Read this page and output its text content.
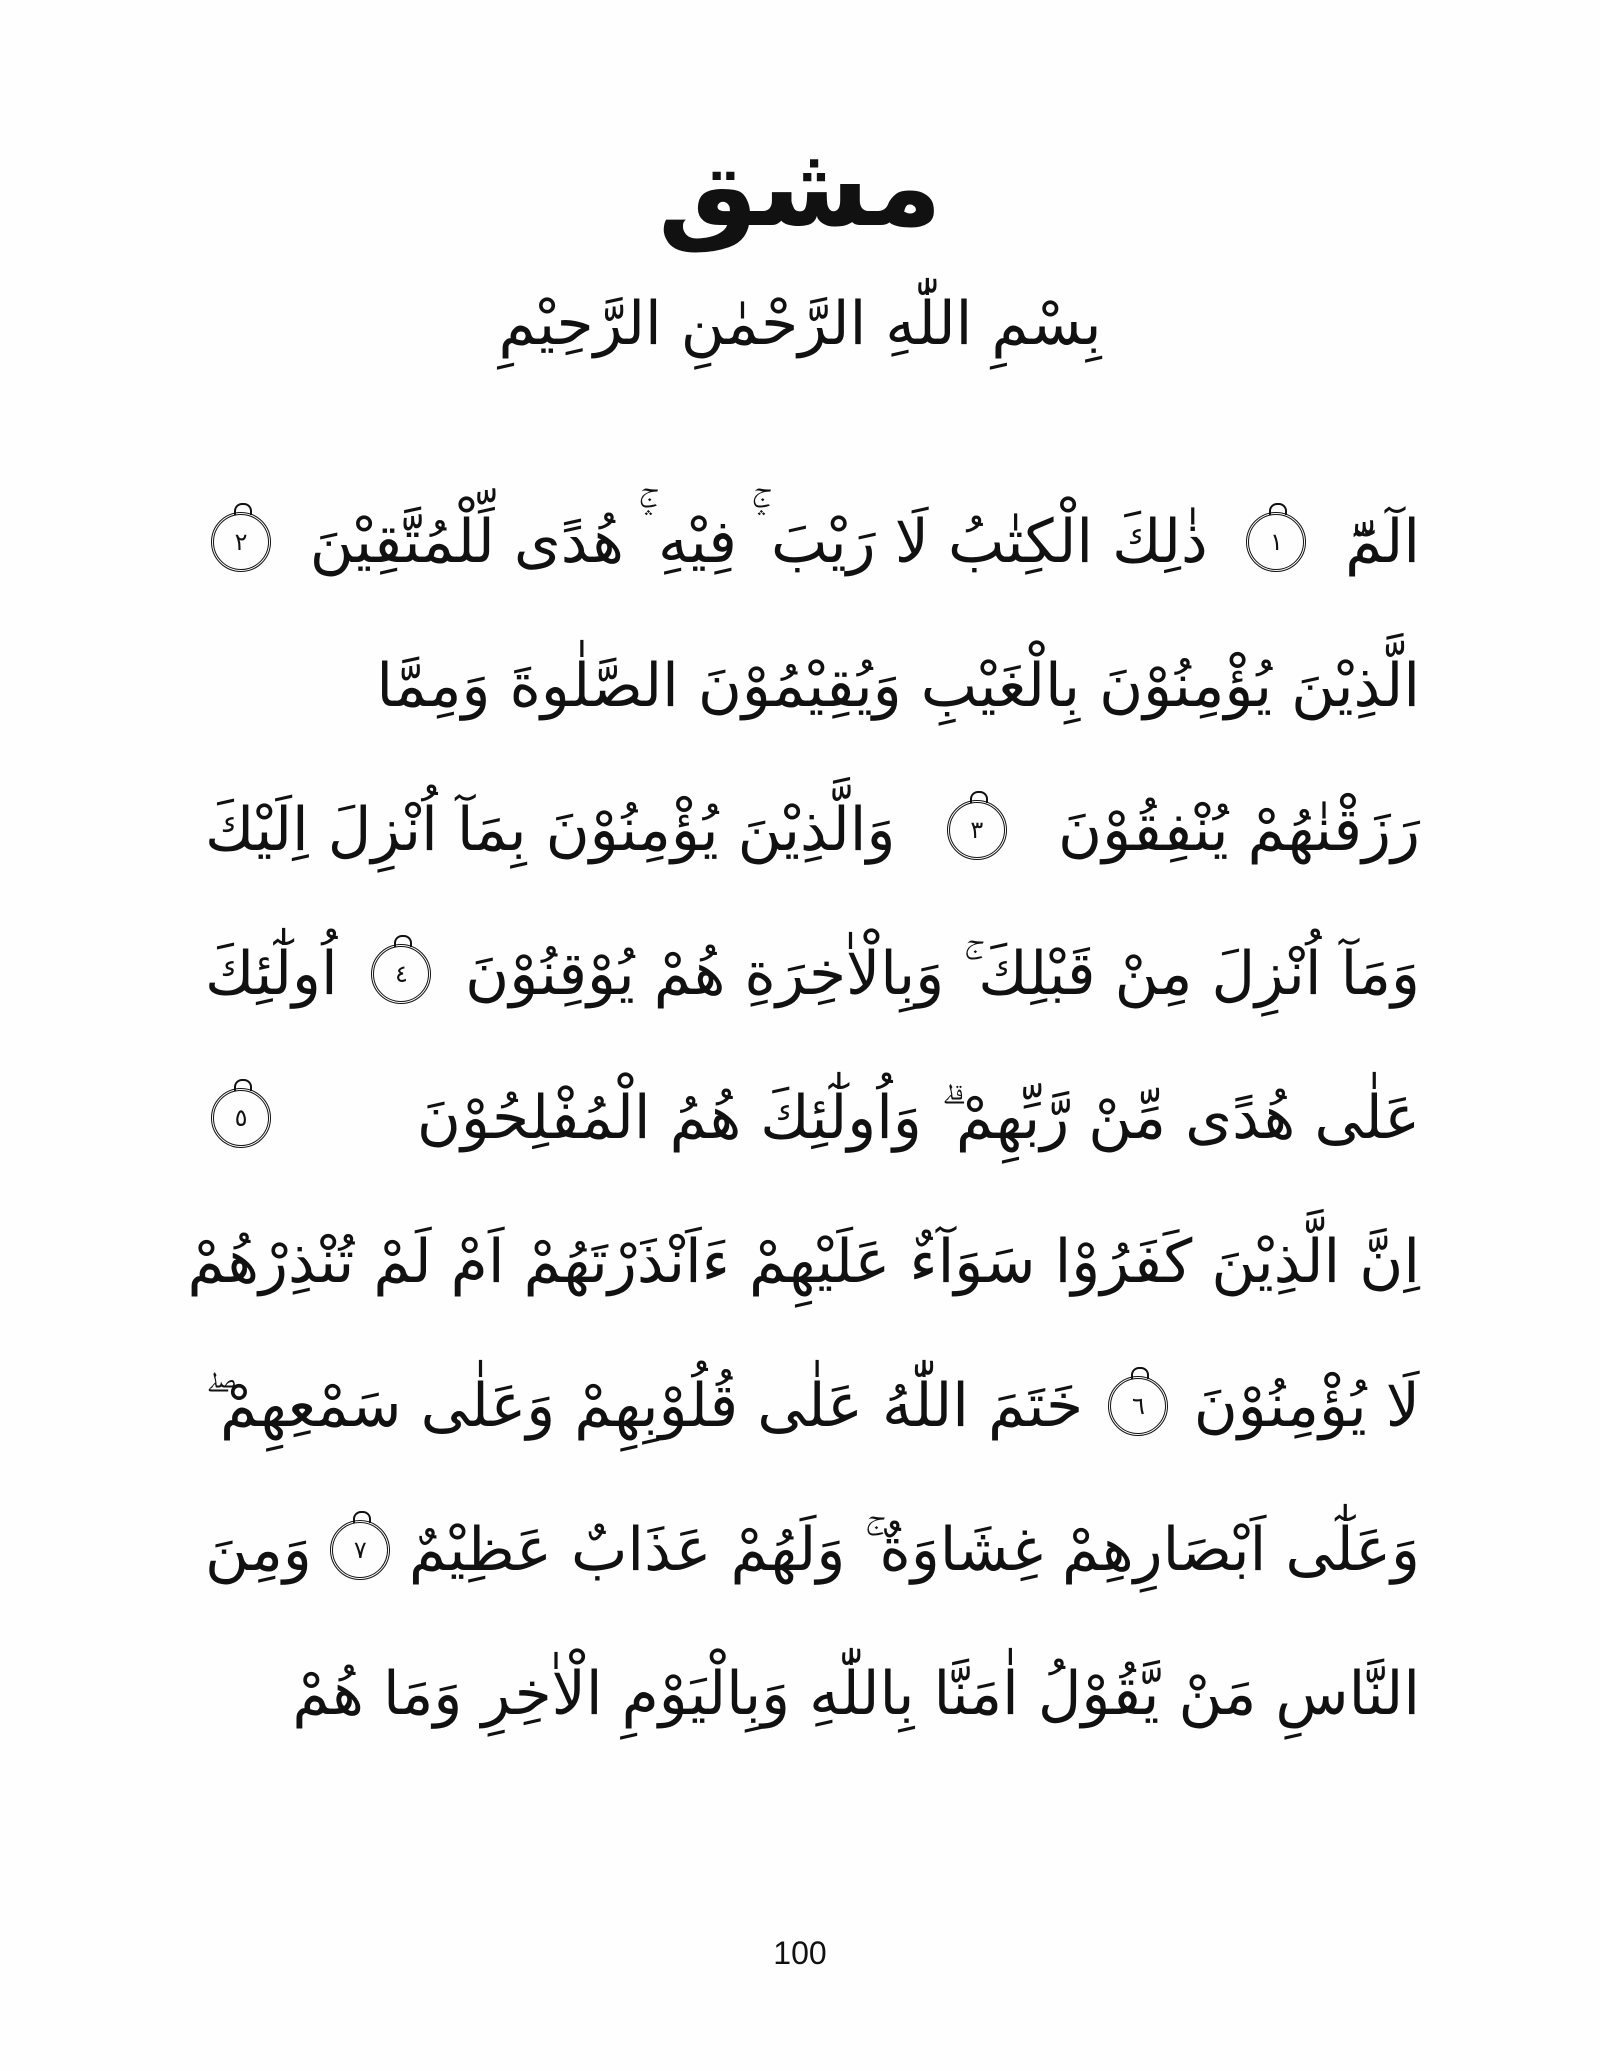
مشق
بِسْمِ اللّٰهِ الرَّحْمٰنِ الرَّحِيْمِ
الٓمّٓ
١
ذٰلِكَ الْكِتٰبُ لَا رَيْبَ ۛۚ فِيْهِ ۛۚ هُدًى لِّلْمُتَّقِيْنَ
٢
الَّذِيْنَ يُؤْمِنُوْنَ بِالْغَيْبِ وَيُقِيْمُوْنَ الصَّلٰوةَ وَمِمَّا
رَزَقْنٰهُمْ يُنْفِقُوْنَ
٣
وَالَّذِيْنَ يُؤْمِنُوْنَ بِمَآ اُنْزِلَ اِلَيْكَ
وَمَآ اُنْزِلَ مِنْ قَبْلِكَ ۚ وَبِالْاٰخِرَةِ هُمْ يُوْقِنُوْنَ
٤
اُولٰٓئِكَ
عَلٰى هُدًى مِّنْ رَّبِّهِمْ ۗ وَاُولٰٓئِكَ هُمُ الْمُفْلِحُوْنَ
٥
اِنَّ الَّذِيْنَ كَفَرُوْا سَوَآءٌ عَلَيْهِمْ ءَاَنْذَرْتَهُمْ اَمْ لَمْ تُنْذِرْهُمْ
لَا يُؤْمِنُوْنَ
٦
خَتَمَ اللّٰهُ عَلٰى قُلُوْبِهِمْ وَعَلٰى سَمْعِهِمْ ۖ
وَعَلٰٓى اَبْصَارِهِمْ غِشَاوَةٌ ۚ وَلَهُمْ عَذَابٌ عَظِيْمٌ
٧
وَمِنَ
النَّاسِ مَنْ يَّقُوْلُ اٰمَنَّا بِاللّٰهِ وَبِالْيَوْمِ الْاٰخِرِ وَمَا هُمْ
100
